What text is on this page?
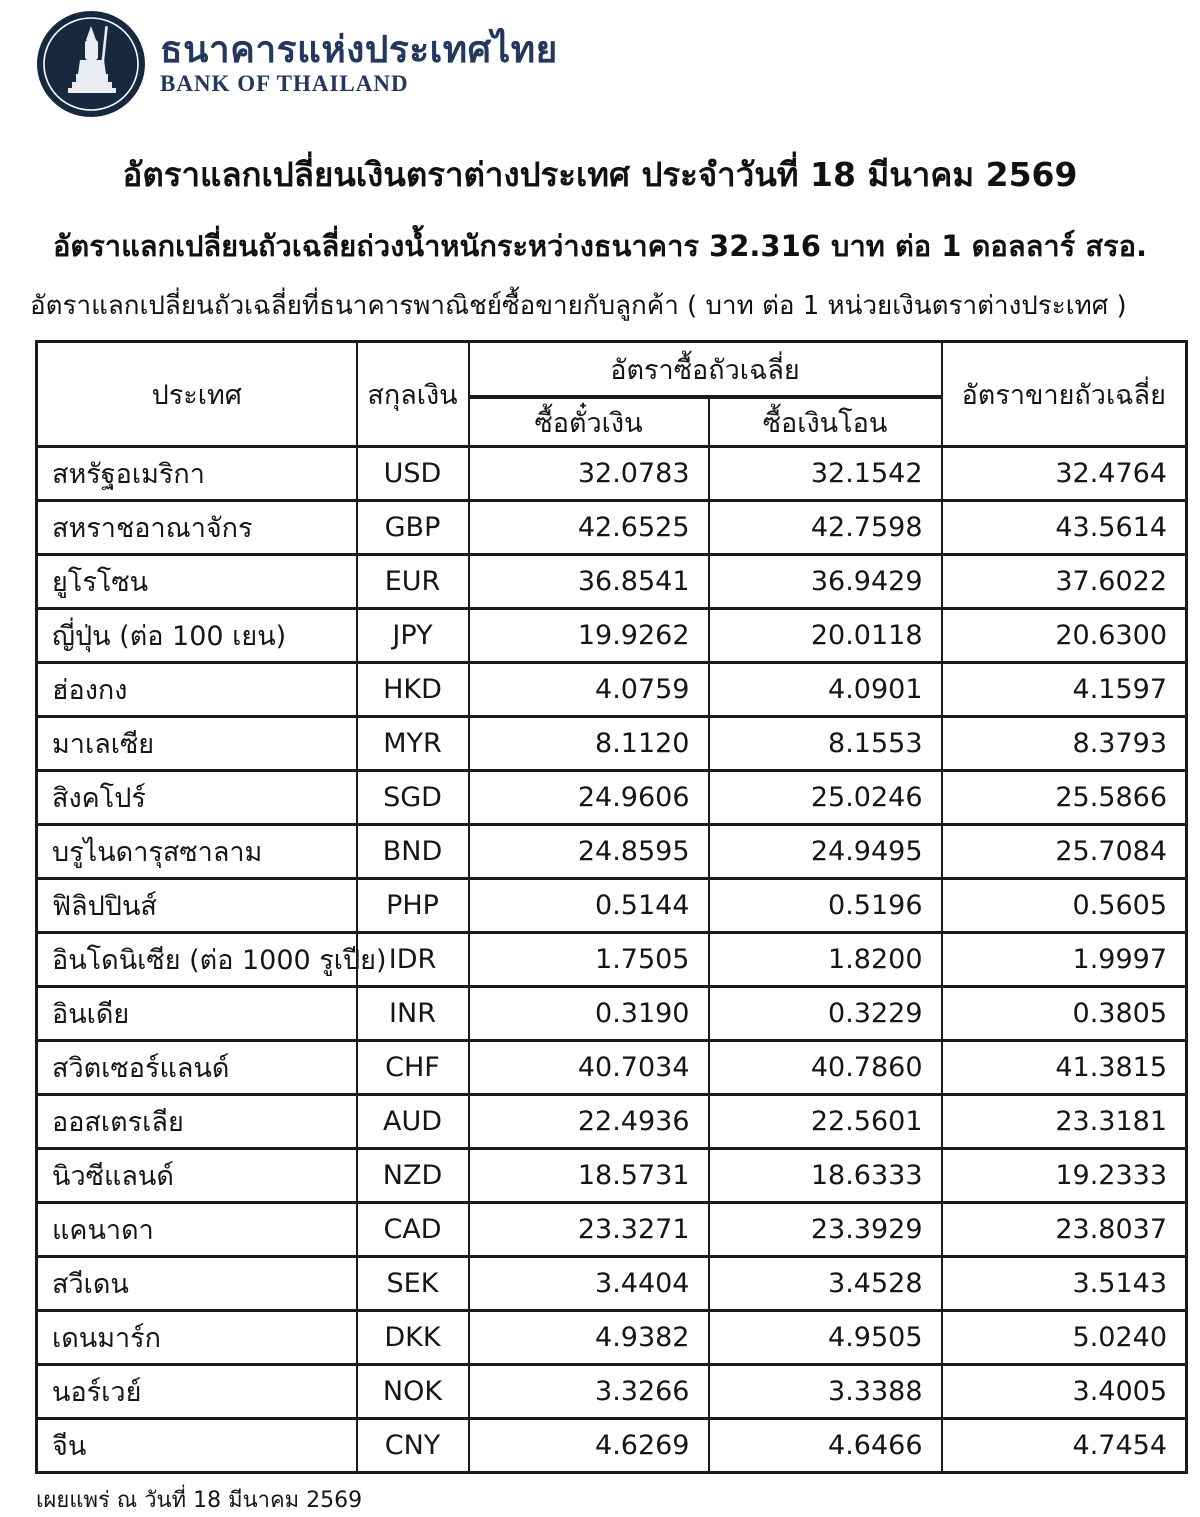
ธนาคารแห่งประเทศไทย
BANK OF THAILAND
อัตราแลกเปลี่ยนเงินตราต่างประเทศ ประจำวันที่ 18 มีนาคม 2569
อัตราแลกเปลี่ยนถัวเฉลี่ยถ่วงน้ำหนักระหว่างธนาคาร 32.316 บาท ต่อ 1 ดอลลาร์ สรอ.
อัตราแลกเปลี่ยนถัวเฉลี่ยที่ธนาคารพาณิชย์ซื้อขายกับลูกค้า ( บาท ต่อ 1 หน่วยเงินตราต่างประเทศ )
ประเทศ	สกุลเงิน	อัตราซื้อถัวเฉลี่ย		อัตราขายถัวเฉลี่ย
		ซื้อตั๋วเงิน	ซื้อเงินโอน	
สหรัฐอเมริกา	USD	32.0783	32.1542	32.4764
สหราชอาณาจักร	GBP	42.6525	42.7598	43.5614
ยูโรโซน	EUR	36.8541	36.9429	37.6022
ญี่ปุ่น (ต่อ 100 เยน)	JPY	19.9262	20.0118	20.6300
ฮ่องกง	HKD	4.0759	4.0901	4.1597
มาเลเซีย	MYR	8.1120	8.1553	8.3793
สิงคโปร์	SGD	24.9606	25.0246	25.5866
บรูไนดารุสซาลาม	BND	24.8595	24.9495	25.7084
ฟิลิปปินส์	PHP	0.5144	0.5196	0.5605
อินโดนิเซีย (ต่อ 1000 รูเปีย)	IDR	1.7505	1.8200	1.9997
อินเดีย	INR	0.3190	0.3229	0.3805
สวิตเซอร์แลนด์	CHF	40.7034	40.7860	41.3815
ออสเตรเลีย	AUD	22.4936	22.5601	23.3181
นิวซีแลนด์	NZD	18.5731	18.6333	19.2333
แคนาดา	CAD	23.3271	23.3929	23.8037
สวีเดน	SEK	3.4404	3.4528	3.5143
เดนมาร์ก	DKK	4.9382	4.9505	5.0240
นอร์เวย์	NOK	3.3266	3.3388	3.4005
จีน	CNY	4.6269	4.6466	4.7454
เผยแพร่ ณ วันที่ 18 มีนาคม 2569
